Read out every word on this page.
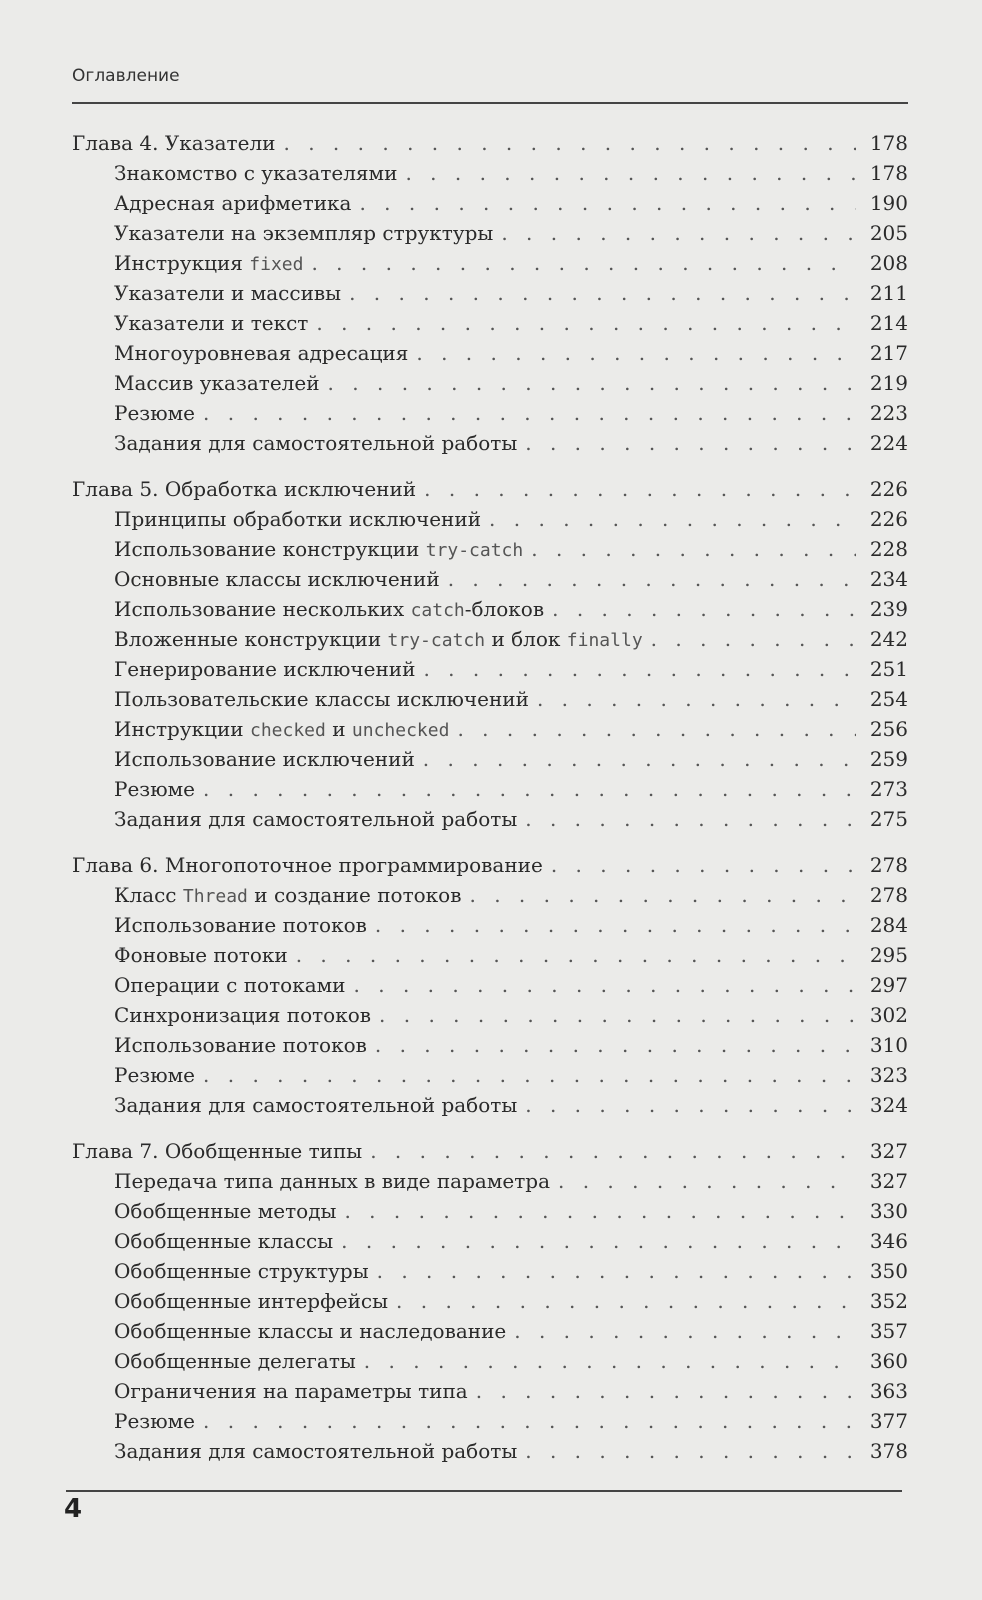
Оглавление
Глава 4. Указатели . . .	178
Знакомство с указателями . . .	178
Адресная арифметика . . .	190
Указатели на экземпляр структуры . . .	205
Инструкция fixed . . .	208
Указатели и массивы . . .	211
Указатели и текст . . .	214
Многоуровневая адресация . . .	217
Массив указателей . . .	219
Резюме . . .	223
Задания для самостоятельной работы . . .	224
Глава 5. Обработка исключений . . .	226
Принципы обработки исключений . . .	226
Использование конструкции try-catch . . .	228
Основные классы исключений . . .	234
Использование нескольких catch-блоков . . .	239
Вложенные конструкции try-catch и блок finally . . .	242
Генерирование исключений . . .	251
Пользовательские классы исключений . . .	254
Инструкции checked и unchecked . . .	256
Использование исключений . . .	259
Резюме . . .	273
Задания для самостоятельной работы . . .	275
Глава 6. Многопоточное программирование . . .	278
Класс Thread и создание потоков . . .	278
Использование потоков . . .	284
Фоновые потоки . . .	295
Операции с потоками . . .	297
Синхронизация потоков . . .	302
Использование потоков . . .	310
Резюме . . .	323
Задания для самостоятельной работы . . .	324
Глава 7. Обобщенные типы . . .	327
Передача типа данных в виде параметра . . .	327
Обобщенные методы . . .	330
Обобщенные классы . . .	346
Обобщенные структуры . . .	350
Обобщенные интерфейсы . . .	352
Обобщенные классы и наследование . . .	357
Обобщенные делегаты . . .	360
Ограничения на параметры типа . . .	363
Резюме . . .	377
Задания для самостоятельной работы . . .	378
4
